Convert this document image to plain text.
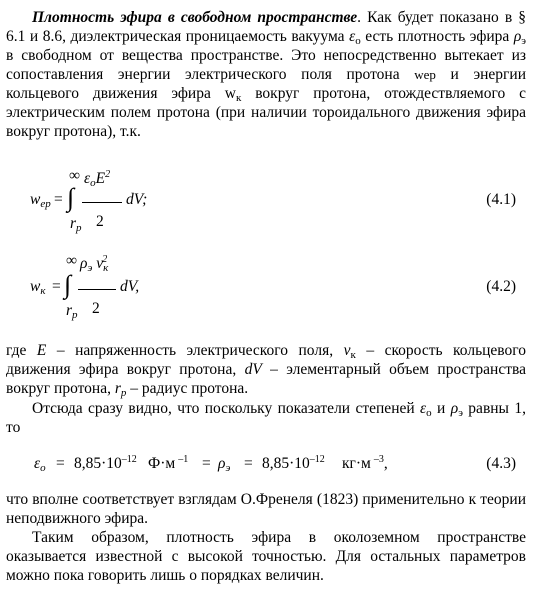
Плотность эфира в свободном пространстве. Как будет показано в § 6.1 и 8.6, диэлектрическая проницаемость вакуума $\varepsilon_о$ есть плотность эфира $\rho_э$ в свободном от вещества пространстве. Это непосредственно вытекает из сопоставления энергии электрического поля протона wер и энергии кольцевого движения эфира $w_к$ вокруг протона, отождествляемого с электрическим полем протона (при наличии тороидального движения эфира вокруг протона), т.к.

$w_{ер}$ =
∞
∫
$r_p$
$\varepsilon_оE^2$
2
dV;	(4.1)
$w_к$ =
∞
∫
$r_p$
$\rho_э$ $v_к^2$
2
dV,	(4.2)

где E – напряженность электрического поля, $v_к$ – скорость кольцевого движения эфира вокруг протона, dV – элементарный объем пространства вокруг протона, $r_p$ – радиус протона.

Отсюда сразу видно, что поскольку показатели степеней $\varepsilon_о$ и $\rho_э$ равны 1, то

$\varepsilon_о = 8,85\cdot 10^{-12}$ Ф·м $^{-1} = \rho_э = 8,85\cdot 10^{-12}$ кг·м $^{-3}$,	(4.3)

что вполне соответствует взглядам О.Френеля (1823) применительно к теории неподвижного эфира.

Таким образом, плотность эфира в околоземном пространстве оказывается известной с высокой точностью. Для остальных параметров можно пока говорить лишь о порядках величин.
